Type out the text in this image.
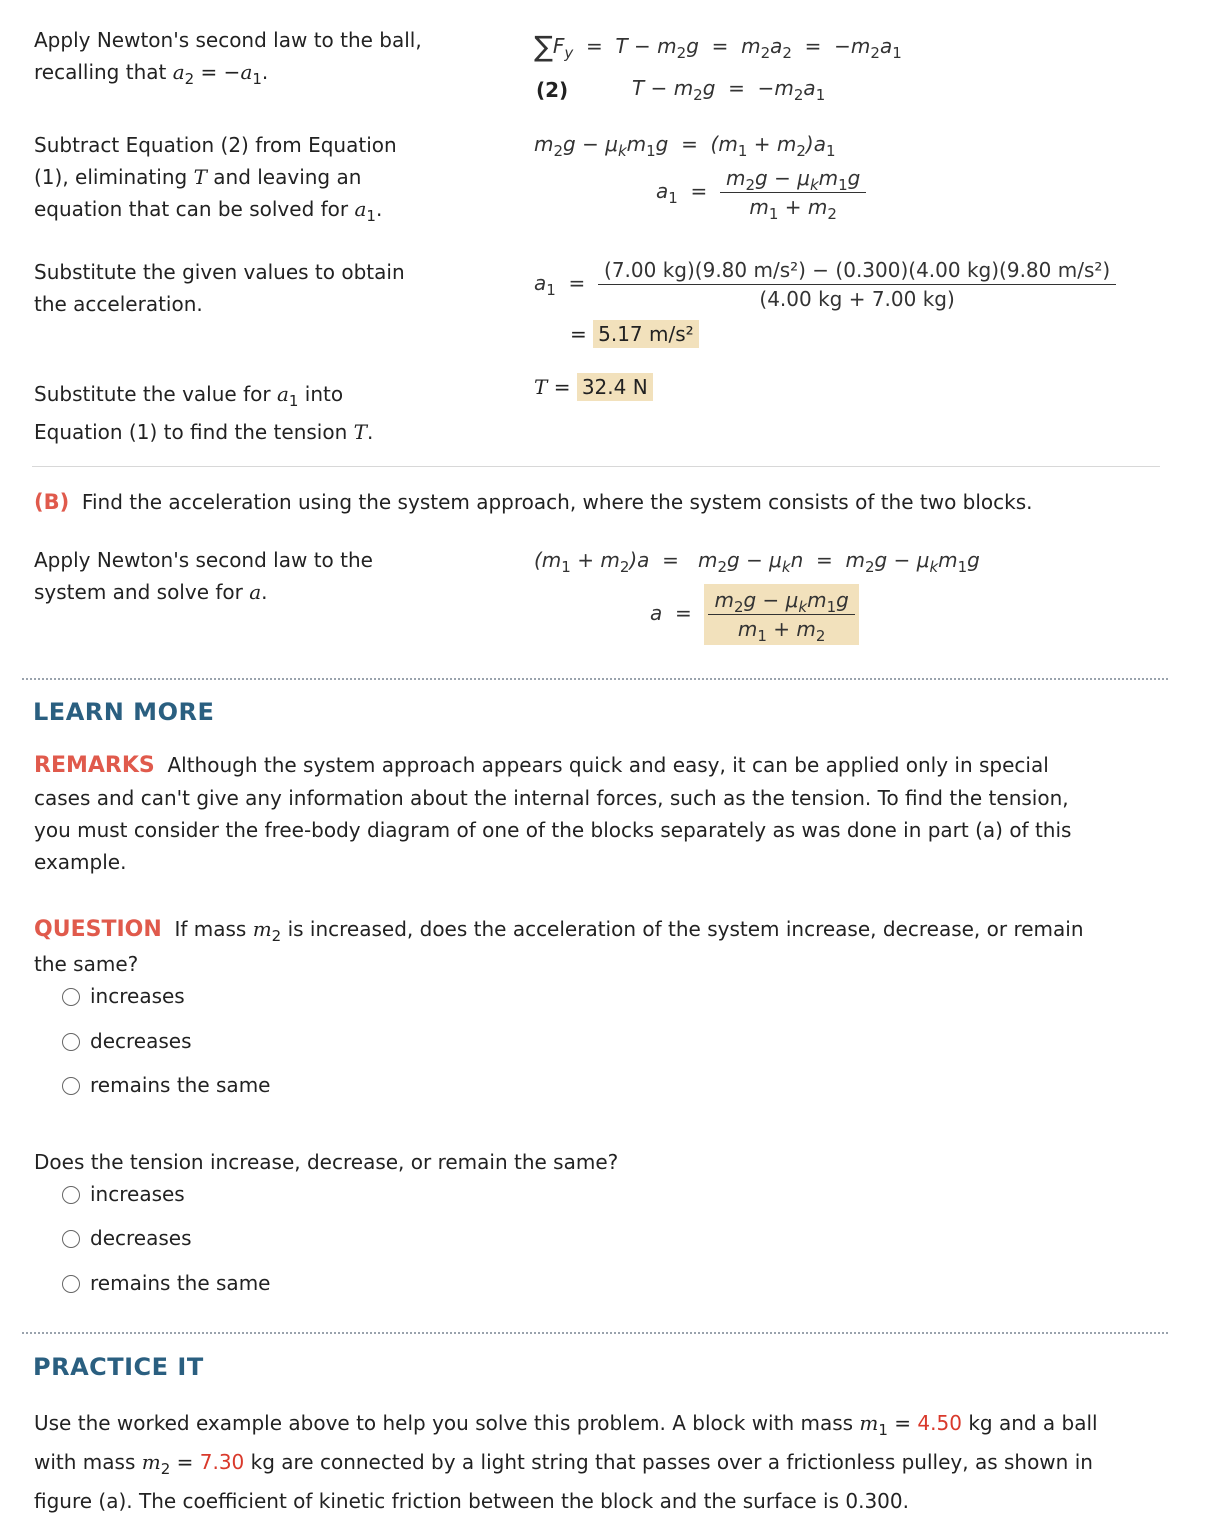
Apply Newton's second law to the ball,
recalling that $a_2 = -a_1$.
$\sum F_y = T - m_2g = m_2a_2 = -m_2a_1$
(2)	$T - m_2g = -m_2a_1$
Subtract Equation (2) from Equation
(1), eliminating T and leaving an
equation that can be solved for $a_1$.
$m_2g - \mu_km_1g = (m_1 + m_2)a_1$
$a_1 = \frac{m_2g - \mu_km_1g}{m_1 + m_2}$
Substitute the given values to obtain
the acceleration.
$a_1 = \frac{\text{(7.00 kg)(9.80 m/s²) − (0.300)(4.00 kg)(9.80 m/s²)}}{(4.00 kg + 7.00 kg)}$
= 5.17 m/s²
Substitute the value for $a_1$ into
Equation (1) to find the tension T.
T = 32.4 N
(B) Find the acceleration using the system approach, where the system consists of the two blocks.
Apply Newton's second law to the
system and solve for a.
$(m_1 + m_2)a = m_2g - \mu_kn = m_2g - \mu_km_1g$
$a = \frac{m_2g - \mu_km_1g}{m_1 + m_2}$
LEARN MORE
REMARKS Although the system approach appears quick and easy, it can be applied only in special
cases and can't give any information about the internal forces, such as the tension. To find the tension,
you must consider the free-body diagram of one of the blocks separately as was done in part (a) of this
example.
QUESTION If mass $m_2$ is increased, does the acceleration of the system increase, decrease, or remain
the same?
increases
decreases
remains the same
Does the tension increase, decrease, or remain the same?
increases
decreases
remains the same
PRACTICE IT
Use the worked example above to help you solve this problem. A block with mass $m_1 = 4.50$ kg and a ball
with mass $m_2 = 7.30$ kg are connected by a light string that passes over a frictionless pulley, as shown in
figure (a). The coefficient of kinetic friction between the block and the surface is 0.300.
